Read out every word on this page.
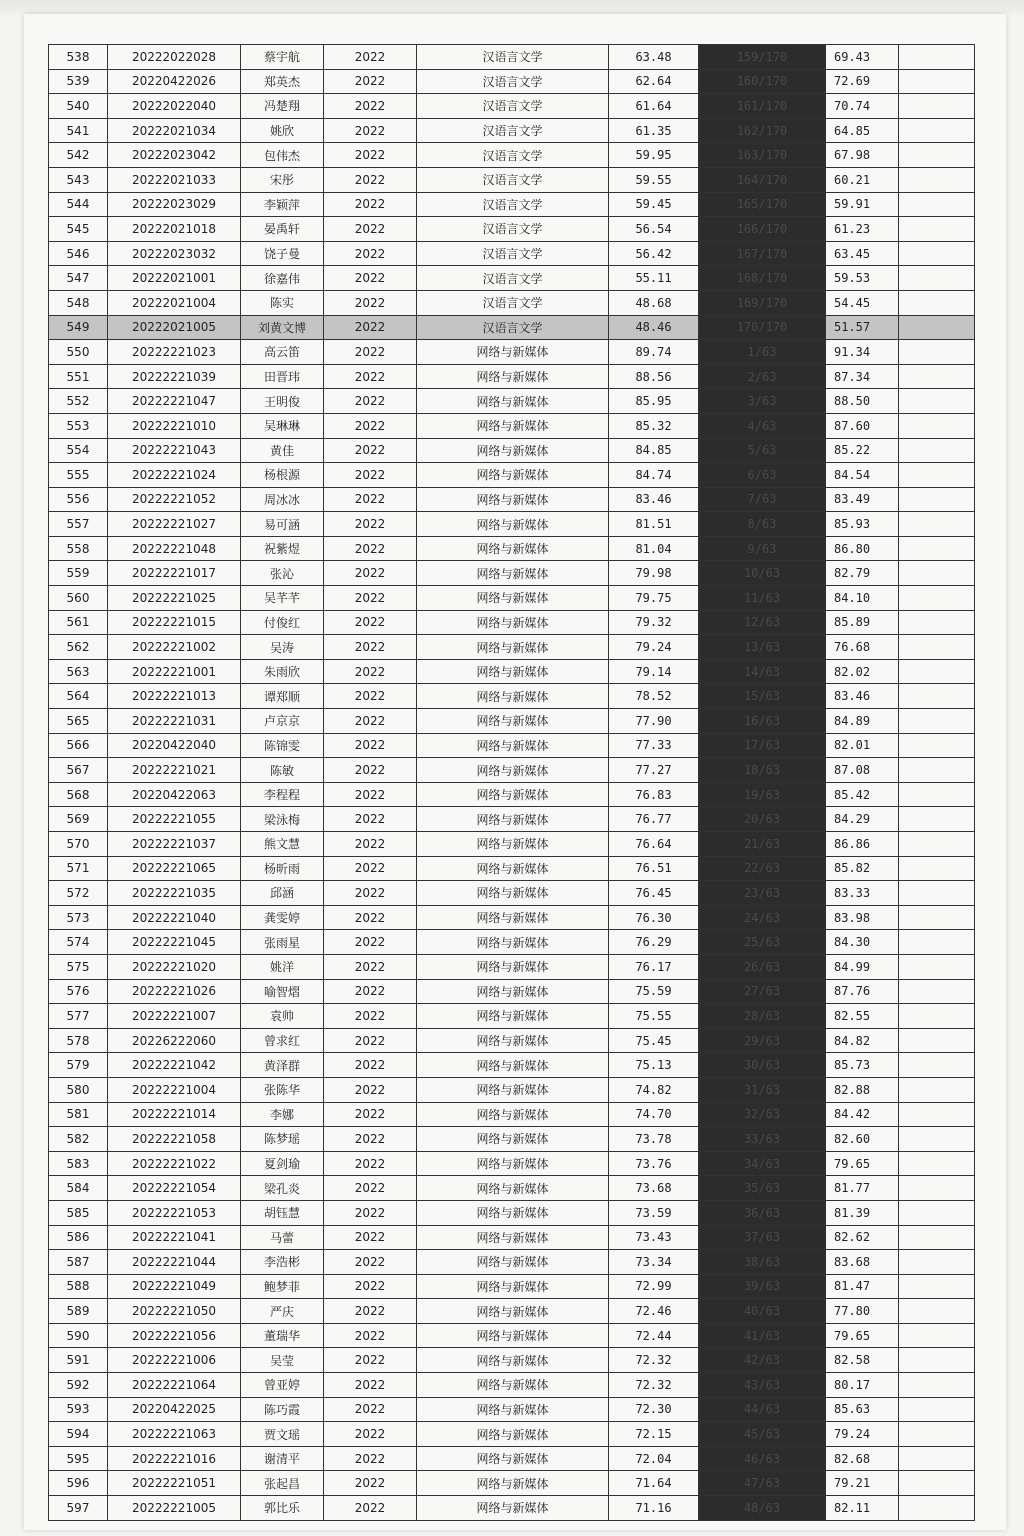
538	20222022028	蔡宇航	2022	汉语言文学	63.48	159/170	69.43
539	20220422026	郑英杰	2022	汉语言文学	62.64	160/170	72.69
540	20222022040	冯楚翔	2022	汉语言文学	61.64	161/170	70.74
541	20222021034	姚欣	2022	汉语言文学	61.35	162/170	64.85
542	20222023042	包伟杰	2022	汉语言文学	59.95	163/170	67.98
543	20222021033	宋彤	2022	汉语言文学	59.55	164/170	60.21
544	20222023029	李颖萍	2022	汉语言文学	59.45	165/170	59.91
545	20222021018	晏禹轩	2022	汉语言文学	56.54	166/170	61.23
546	20222023032	饶子曼	2022	汉语言文学	56.42	167/170	63.45
547	20222021001	徐嘉伟	2022	汉语言文学	55.11	168/170	59.53
548	20222021004	陈实	2022	汉语言文学	48.68	169/170	54.45
549	20222021005	刘黄文博	2022	汉语言文学	48.46	170/170	51.57
550	20222221023	高云笛	2022	网络与新媒体	89.74	1/63	91.34
551	20222221039	田晋玮	2022	网络与新媒体	88.56	2/63	87.34
552	20222221047	王明俊	2022	网络与新媒体	85.95	3/63	88.50
553	20222221010	吴琳琳	2022	网络与新媒体	85.32	4/63	87.60
554	20222221043	黄佳	2022	网络与新媒体	84.85	5/63	85.22
555	20222221024	杨根源	2022	网络与新媒体	84.74	6/63	84.54
556	20222221052	周冰冰	2022	网络与新媒体	83.46	7/63	83.49
557	20222221027	易可涵	2022	网络与新媒体	81.51	8/63	85.93
558	20222221048	祝紫煜	2022	网络与新媒体	81.04	9/63	86.80
559	20222221017	张沁	2022	网络与新媒体	79.98	10/63	82.79
560	20222221025	吴芊芊	2022	网络与新媒体	79.75	11/63	84.10
561	20222221015	付俊红	2022	网络与新媒体	79.32	12/63	85.89
562	20222221002	吴涛	2022	网络与新媒体	79.24	13/63	76.68
563	20222221001	朱雨欣	2022	网络与新媒体	79.14	14/63	82.02
564	20222221013	谭郑顺	2022	网络与新媒体	78.52	15/63	83.46
565	20222221031	卢京京	2022	网络与新媒体	77.90	16/63	84.89
566	20220422040	陈锦雯	2022	网络与新媒体	77.33	17/63	82.01
567	20222221021	陈敏	2022	网络与新媒体	77.27	18/63	87.08
568	20220422063	李程程	2022	网络与新媒体	76.83	19/63	85.42
569	20222221055	梁泳梅	2022	网络与新媒体	76.77	20/63	84.29
570	20222221037	熊文慧	2022	网络与新媒体	76.64	21/63	86.86
571	20222221065	杨昕雨	2022	网络与新媒体	76.51	22/63	85.82
572	20222221035	邱涵	2022	网络与新媒体	76.45	23/63	83.33
573	20222221040	龚雯婷	2022	网络与新媒体	76.30	24/63	83.98
574	20222221045	张雨星	2022	网络与新媒体	76.29	25/63	84.30
575	20222221020	姚洋	2022	网络与新媒体	76.17	26/63	84.99
576	20222221026	喻智熠	2022	网络与新媒体	75.59	27/63	87.76
577	20222221007	袁帅	2022	网络与新媒体	75.55	28/63	82.55
578	20226222060	曾求红	2022	网络与新媒体	75.45	29/63	84.82
579	20222221042	黄泽群	2022	网络与新媒体	75.13	30/63	85.73
580	20222221004	张陈华	2022	网络与新媒体	74.82	31/63	82.88
581	20222221014	李娜	2022	网络与新媒体	74.70	32/63	84.42
582	20222221058	陈梦瑶	2022	网络与新媒体	73.78	33/63	82.60
583	20222221022	夏剑瑜	2022	网络与新媒体	73.76	34/63	79.65
584	20222221054	梁孔炎	2022	网络与新媒体	73.68	35/63	81.77
585	20222221053	胡钰慧	2022	网络与新媒体	73.59	36/63	81.39
586	20222221041	马蕾	2022	网络与新媒体	73.43	37/63	82.62
587	20222221044	李浩彬	2022	网络与新媒体	73.34	38/63	83.68
588	20222221049	鲍梦菲	2022	网络与新媒体	72.99	39/63	81.47
589	20222221050	严庆	2022	网络与新媒体	72.46	40/63	77.80
590	20222221056	董瑞华	2022	网络与新媒体	72.44	41/63	79.65
591	20222221006	吴莹	2022	网络与新媒体	72.32	42/63	82.58
592	20222221064	曾亚婷	2022	网络与新媒体	72.32	43/63	80.17
593	20220422025	陈巧霞	2022	网络与新媒体	72.30	44/63	85.63
594	20222221063	贾文瑶	2022	网络与新媒体	72.15	45/63	79.24
595	20222221016	谢清平	2022	网络与新媒体	72.04	46/63	82.68
596	20222221051	张起昌	2022	网络与新媒体	71.64	47/63	79.21
597	20222221005	郭比乐	2022	网络与新媒体	71.16	48/63	82.11
